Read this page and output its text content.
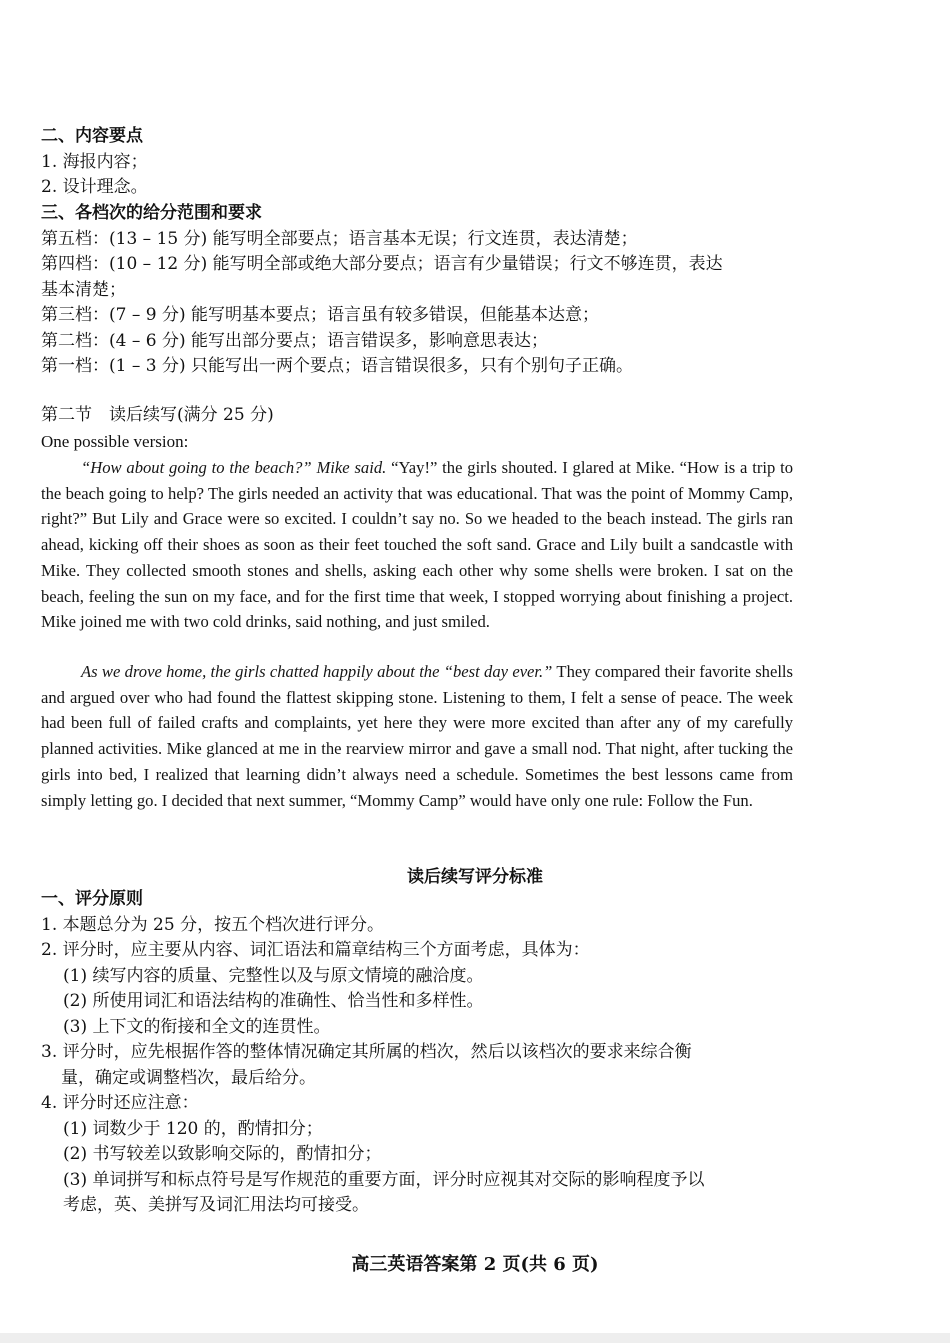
二、内容要点
1. 海报内容；
2. 设计理念。
三、各档次的给分范围和要求
第五档：(13 – 15 分) 能写明全部要点；语言基本无误；行文连贯，表达清楚；
第四档：(10 – 12 分) 能写明全部或绝大部分要点；语言有少量错误；行文不够连贯，表达
基本清楚；
第三档：(7 – 9 分) 能写明基本要点；语言虽有较多错误，但能基本达意；
第二档：(4 – 6 分) 能写出部分要点；语言错误多，影响意思表达；
第一档：(1 – 3 分) 只能写出一两个要点；语言错误很多，只有个别句子正确。
第二节　读后续写(满分 25 分)
One possible version:
“How about going to the beach?” Mike said. “Yay!” the girls shouted. I glared at Mike. “How is a trip to the beach going to help? The girls needed an activity that was educational. That was the point of Mommy Camp, right?” But Lily and Grace were so excited. I couldn’t say no. So we headed to the beach instead. The girls ran ahead, kicking off their shoes as soon as their feet touched the soft sand. Grace and Lily built a sandcastle with Mike. They collected smooth stones and shells, asking each other why some shells were broken. I sat on the beach, feeling the sun on my face, and for the first time that week, I stopped worrying about finishing a project. Mike joined me with two cold drinks, said nothing, and just smiled.
As we drove home, the girls chatted happily about the “best day ever.” They compared their favorite shells and argued over who had found the flattest skipping stone. Listening to them, I felt a sense of peace. The week had been full of failed crafts and complaints, yet here they were more excited than after any of my carefully planned activities. Mike glanced at me in the rearview mirror and gave a small nod. That night, after tucking the girls into bed, I realized that learning didn’t always need a schedule. Sometimes the best lessons came from simply letting go. I decided that next summer, “Mommy Camp” would have only one rule: Follow the Fun.
读后续写评分标准
一、评分原则
1. 本题总分为 25 分，按五个档次进行评分。
2. 评分时，应主要从内容、词汇语法和篇章结构三个方面考虑，具体为：
(1) 续写内容的质量、完整性以及与原文情境的融洽度。
(2) 所使用词汇和语法结构的准确性、恰当性和多样性。
(3) 上下文的衔接和全文的连贯性。
3. 评分时，应先根据作答的整体情况确定其所属的档次，然后以该档次的要求来综合衡
量，确定或调整档次，最后给分。
4. 评分时还应注意：
(1) 词数少于 120 的，酌情扣分；
(2) 书写较差以致影响交际的，酌情扣分；
(3) 单词拼写和标点符号是写作规范的重要方面，评分时应视其对交际的影响程度予以
考虑，英、美拼写及词汇用法均可接受。
高三英语答案第 2 页(共 6 页)
